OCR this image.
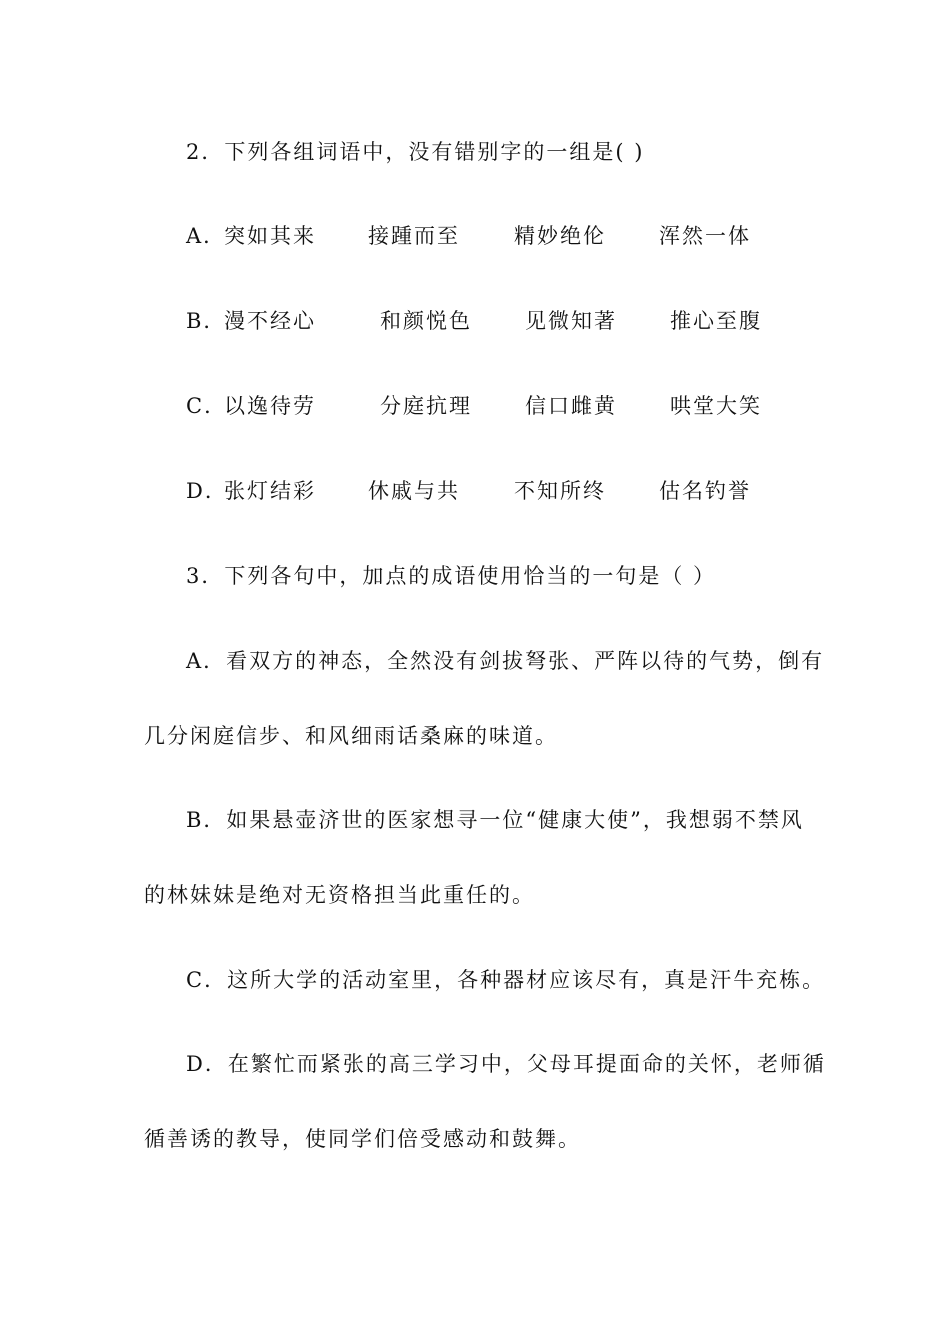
2．下列各组词语中，没有错别字的一组是( )
A．
突如其来 接踵而至	精妙绝伦	浑然一体
B．
漫不经心	和颜悦色	见微知著	推心至腹
C．
以逸待劳	分庭抗理	信口雌黄	哄堂大笑
D．
张灯结彩 休戚与共	不知所终	估名钓誉
3．下列各句中，加点的成语使用恰当的一句是（ ）
A．看双方的神态，全然没有剑拔弩张、严阵以待的气势，倒有
几分闲庭信步、和风细雨话桑麻的味道。
B．如果悬壶济世的医家想寻一位“健康大使”，我想弱不禁风
的林妹妹是绝对无资格担当此重任的。
C．这所大学的活动室里，各种器材应该尽有，真是汗牛充栋。
D．在繁忙而紧张的高三学习中，父母耳提面命的关怀，老师循
循善诱的教导，使同学们倍受感动和鼓舞。
